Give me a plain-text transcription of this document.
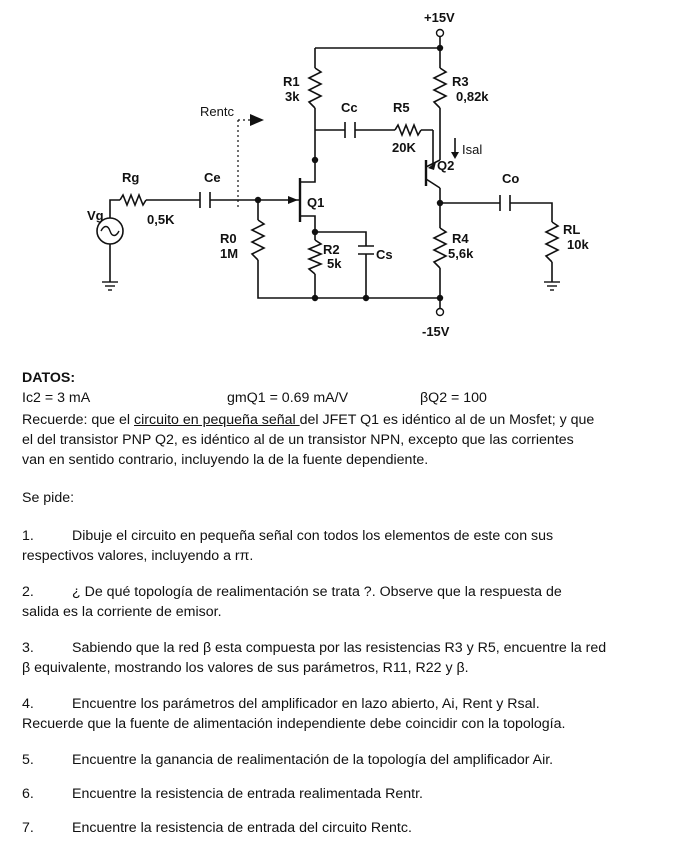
+15V
-15V
R1
3k
R3
0,82k
Rentc	Cc	R5
20K	Isal
Q2
Rg	Ce
Vg	0,5K
Co
Q1
R0
1M	R2
5k
Cs
R4
5,6k
RL
10k
DATOS:
Ic2 = 3 mA	gmQ1 = 0.69 mA/V	βQ2 = 100
Recuerde: que el circuito en pequeña señal del JFET Q1 es idéntico al de un Mosfet; y que
el del transistor PNP Q2, es idéntico al de un transistor NPN, excepto que las corrientes
van en sentido contrario, incluyendo la de la fuente dependiente.
Se pide:
1.	Dibuje el circuito en pequeña señal con todos los elementos de este con sus
respectivos valores, incluyendo a rπ.
2.	¿ De qué topología de realimentación se trata ?. Observe que la respuesta de
salida es la corriente de emisor.
3.	Sabiendo que la red β esta compuesta por las resistencias R3 y R5, encuentre la red
β equivalente, mostrando los valores de sus parámetros, R11, R22 y β.
4.	Encuentre los parámetros del amplificador en lazo abierto, Ai, Rent y Rsal.
Recuerde que la fuente de alimentación independiente debe coincidir con la topología.
5.	Encuentre la ganancia de realimentación de la topología del amplificador Air.
6.	Encuentre la resistencia de entrada realimentada Rentr.
7.	Encuentre la resistencia de entrada del circuito Rentc.
